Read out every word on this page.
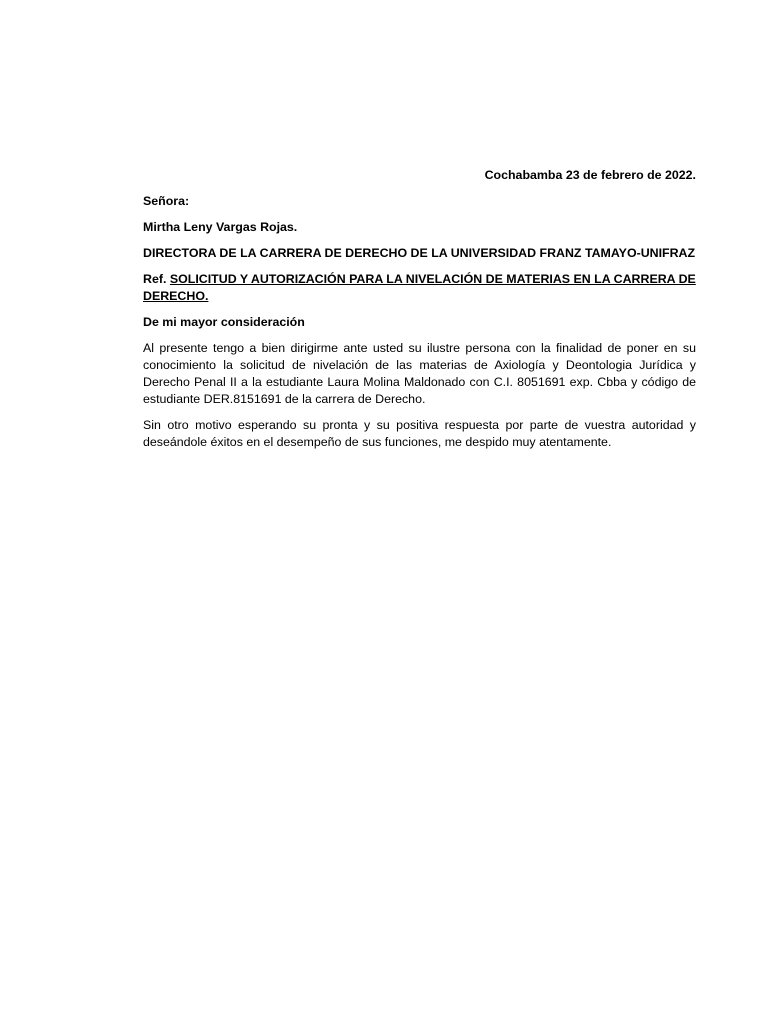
Cochabamba 23 de febrero de 2022.
Señora:
Mirtha Leny Vargas Rojas.
DIRECTORA DE LA CARRERA DE DERECHO DE LA UNIVERSIDAD FRANZ TAMAYO-UNIFRAZ
Ref. SOLICITUD Y AUTORIZACIÓN PARA LA NIVELACIÓN DE MATERIAS EN LA CARRERA DE DERECHO.
De mi mayor consideración
Al presente tengo a bien dirigirme ante usted su ilustre persona con la finalidad de poner en su conocimiento la solicitud de nivelación de las materias de Axiología y Deontologia Jurídica y Derecho Penal II a la estudiante Laura Molina Maldonado con C.I. 8051691 exp. Cbba y código de estudiante DER.8151691 de la carrera de Derecho.
Sin otro motivo esperando su pronta y su positiva respuesta por parte de vuestra autoridad y deseándole éxitos en el desempeño de sus funciones, me despido muy atentamente.
